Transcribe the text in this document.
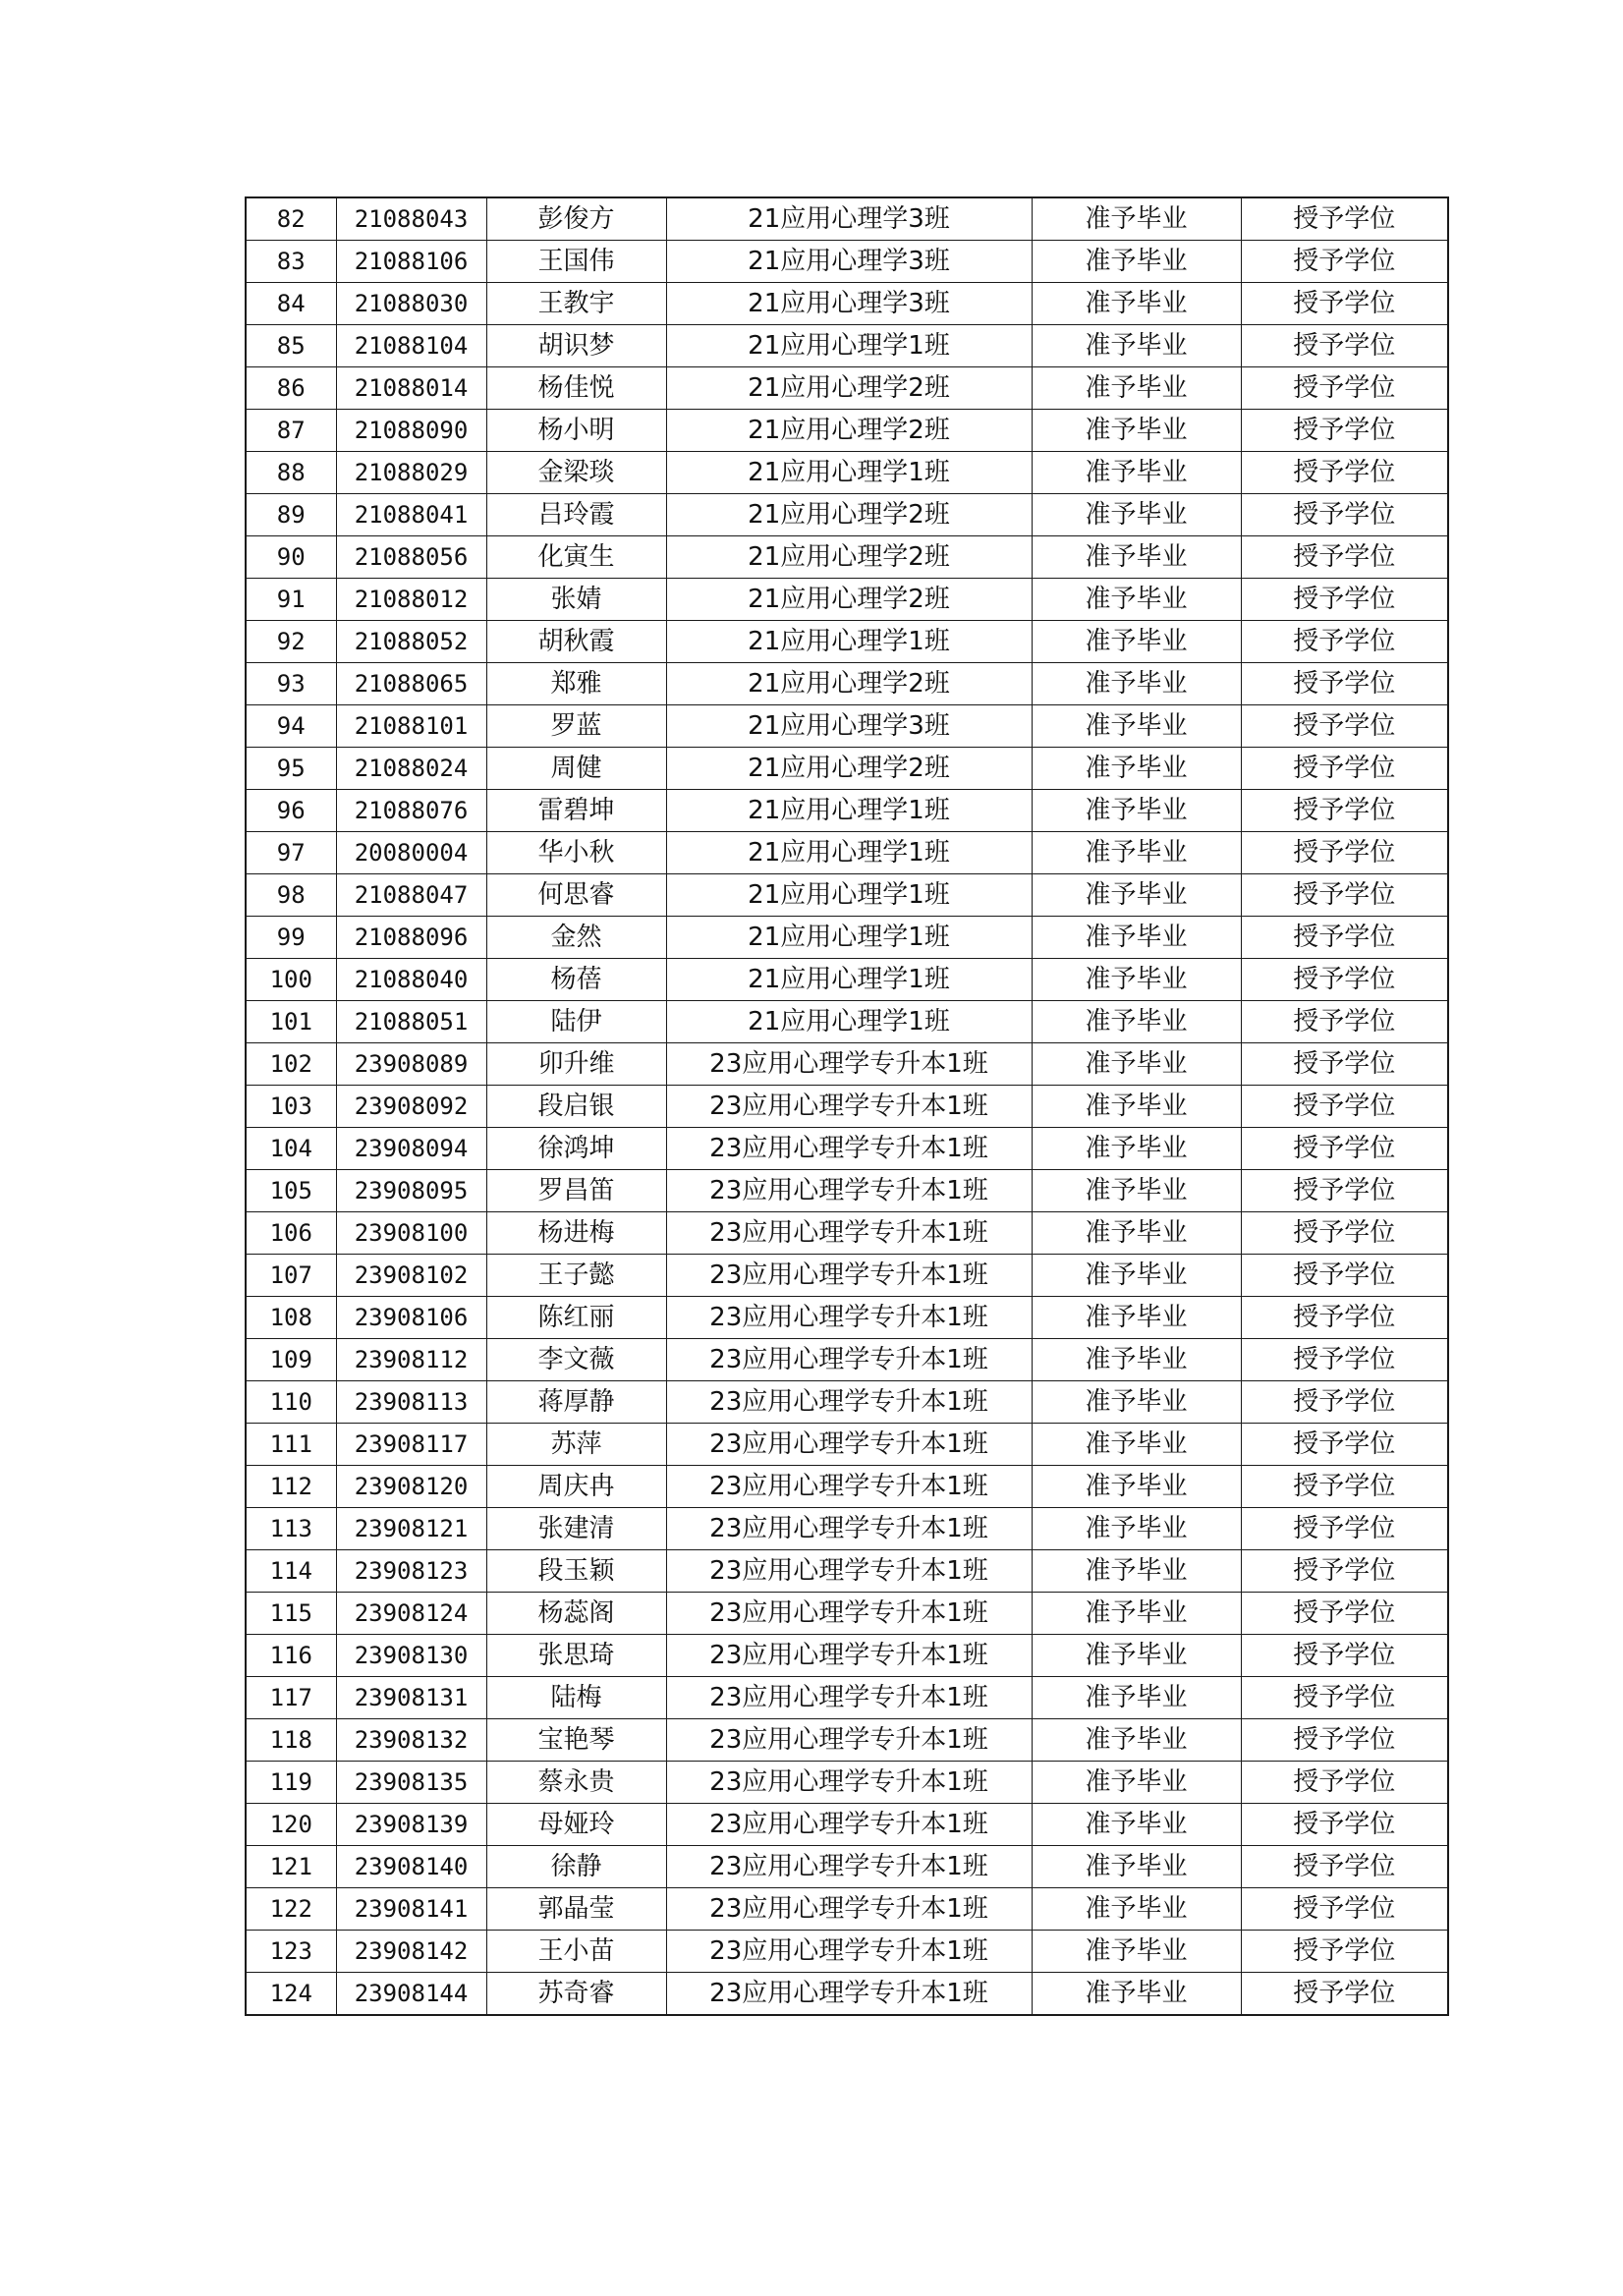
82	21088043	彭俊方	21应用心理学3班	准予毕业	授予学位
83	21088106	王国伟	21应用心理学3班	准予毕业	授予学位
84	21088030	王教宇	21应用心理学3班	准予毕业	授予学位
85	21088104	胡识梦	21应用心理学1班	准予毕业	授予学位
86	21088014	杨佳悦	21应用心理学2班	准予毕业	授予学位
87	21088090	杨小明	21应用心理学2班	准予毕业	授予学位
88	21088029	金梁琰	21应用心理学1班	准予毕业	授予学位
89	21088041	吕玲霞	21应用心理学2班	准予毕业	授予学位
90	21088056	化寅生	21应用心理学2班	准予毕业	授予学位
91	21088012	张婧	21应用心理学2班	准予毕业	授予学位
92	21088052	胡秋霞	21应用心理学1班	准予毕业	授予学位
93	21088065	郑雅	21应用心理学2班	准予毕业	授予学位
94	21088101	罗蓝	21应用心理学3班	准予毕业	授予学位
95	21088024	周健	21应用心理学2班	准予毕业	授予学位
96	21088076	雷碧坤	21应用心理学1班	准予毕业	授予学位
97	20080004	华小秋	21应用心理学1班	准予毕业	授予学位
98	21088047	何思睿	21应用心理学1班	准予毕业	授予学位
99	21088096	金然	21应用心理学1班	准予毕业	授予学位
100	21088040	杨蓓	21应用心理学1班	准予毕业	授予学位
101	21088051	陆伊	21应用心理学1班	准予毕业	授予学位
102	23908089	卯升维	23应用心理学专升本1班	准予毕业	授予学位
103	23908092	段启银	23应用心理学专升本1班	准予毕业	授予学位
104	23908094	徐鸿坤	23应用心理学专升本1班	准予毕业	授予学位
105	23908095	罗昌笛	23应用心理学专升本1班	准予毕业	授予学位
106	23908100	杨进梅	23应用心理学专升本1班	准予毕业	授予学位
107	23908102	王子懿	23应用心理学专升本1班	准予毕业	授予学位
108	23908106	陈红丽	23应用心理学专升本1班	准予毕业	授予学位
109	23908112	李文薇	23应用心理学专升本1班	准予毕业	授予学位
110	23908113	蒋厚静	23应用心理学专升本1班	准予毕业	授予学位
111	23908117	苏萍	23应用心理学专升本1班	准予毕业	授予学位
112	23908120	周庆冉	23应用心理学专升本1班	准予毕业	授予学位
113	23908121	张建清	23应用心理学专升本1班	准予毕业	授予学位
114	23908123	段玉颖	23应用心理学专升本1班	准予毕业	授予学位
115	23908124	杨蕊阁	23应用心理学专升本1班	准予毕业	授予学位
116	23908130	张思琦	23应用心理学专升本1班	准予毕业	授予学位
117	23908131	陆梅	23应用心理学专升本1班	准予毕业	授予学位
118	23908132	宝艳琴	23应用心理学专升本1班	准予毕业	授予学位
119	23908135	蔡永贵	23应用心理学专升本1班	准予毕业	授予学位
120	23908139	母娅玲	23应用心理学专升本1班	准予毕业	授予学位
121	23908140	徐静	23应用心理学专升本1班	准予毕业	授予学位
122	23908141	郭晶莹	23应用心理学专升本1班	准予毕业	授予学位
123	23908142	王小苗	23应用心理学专升本1班	准予毕业	授予学位
124	23908144	苏奇睿	23应用心理学专升本1班	准予毕业	授予学位
